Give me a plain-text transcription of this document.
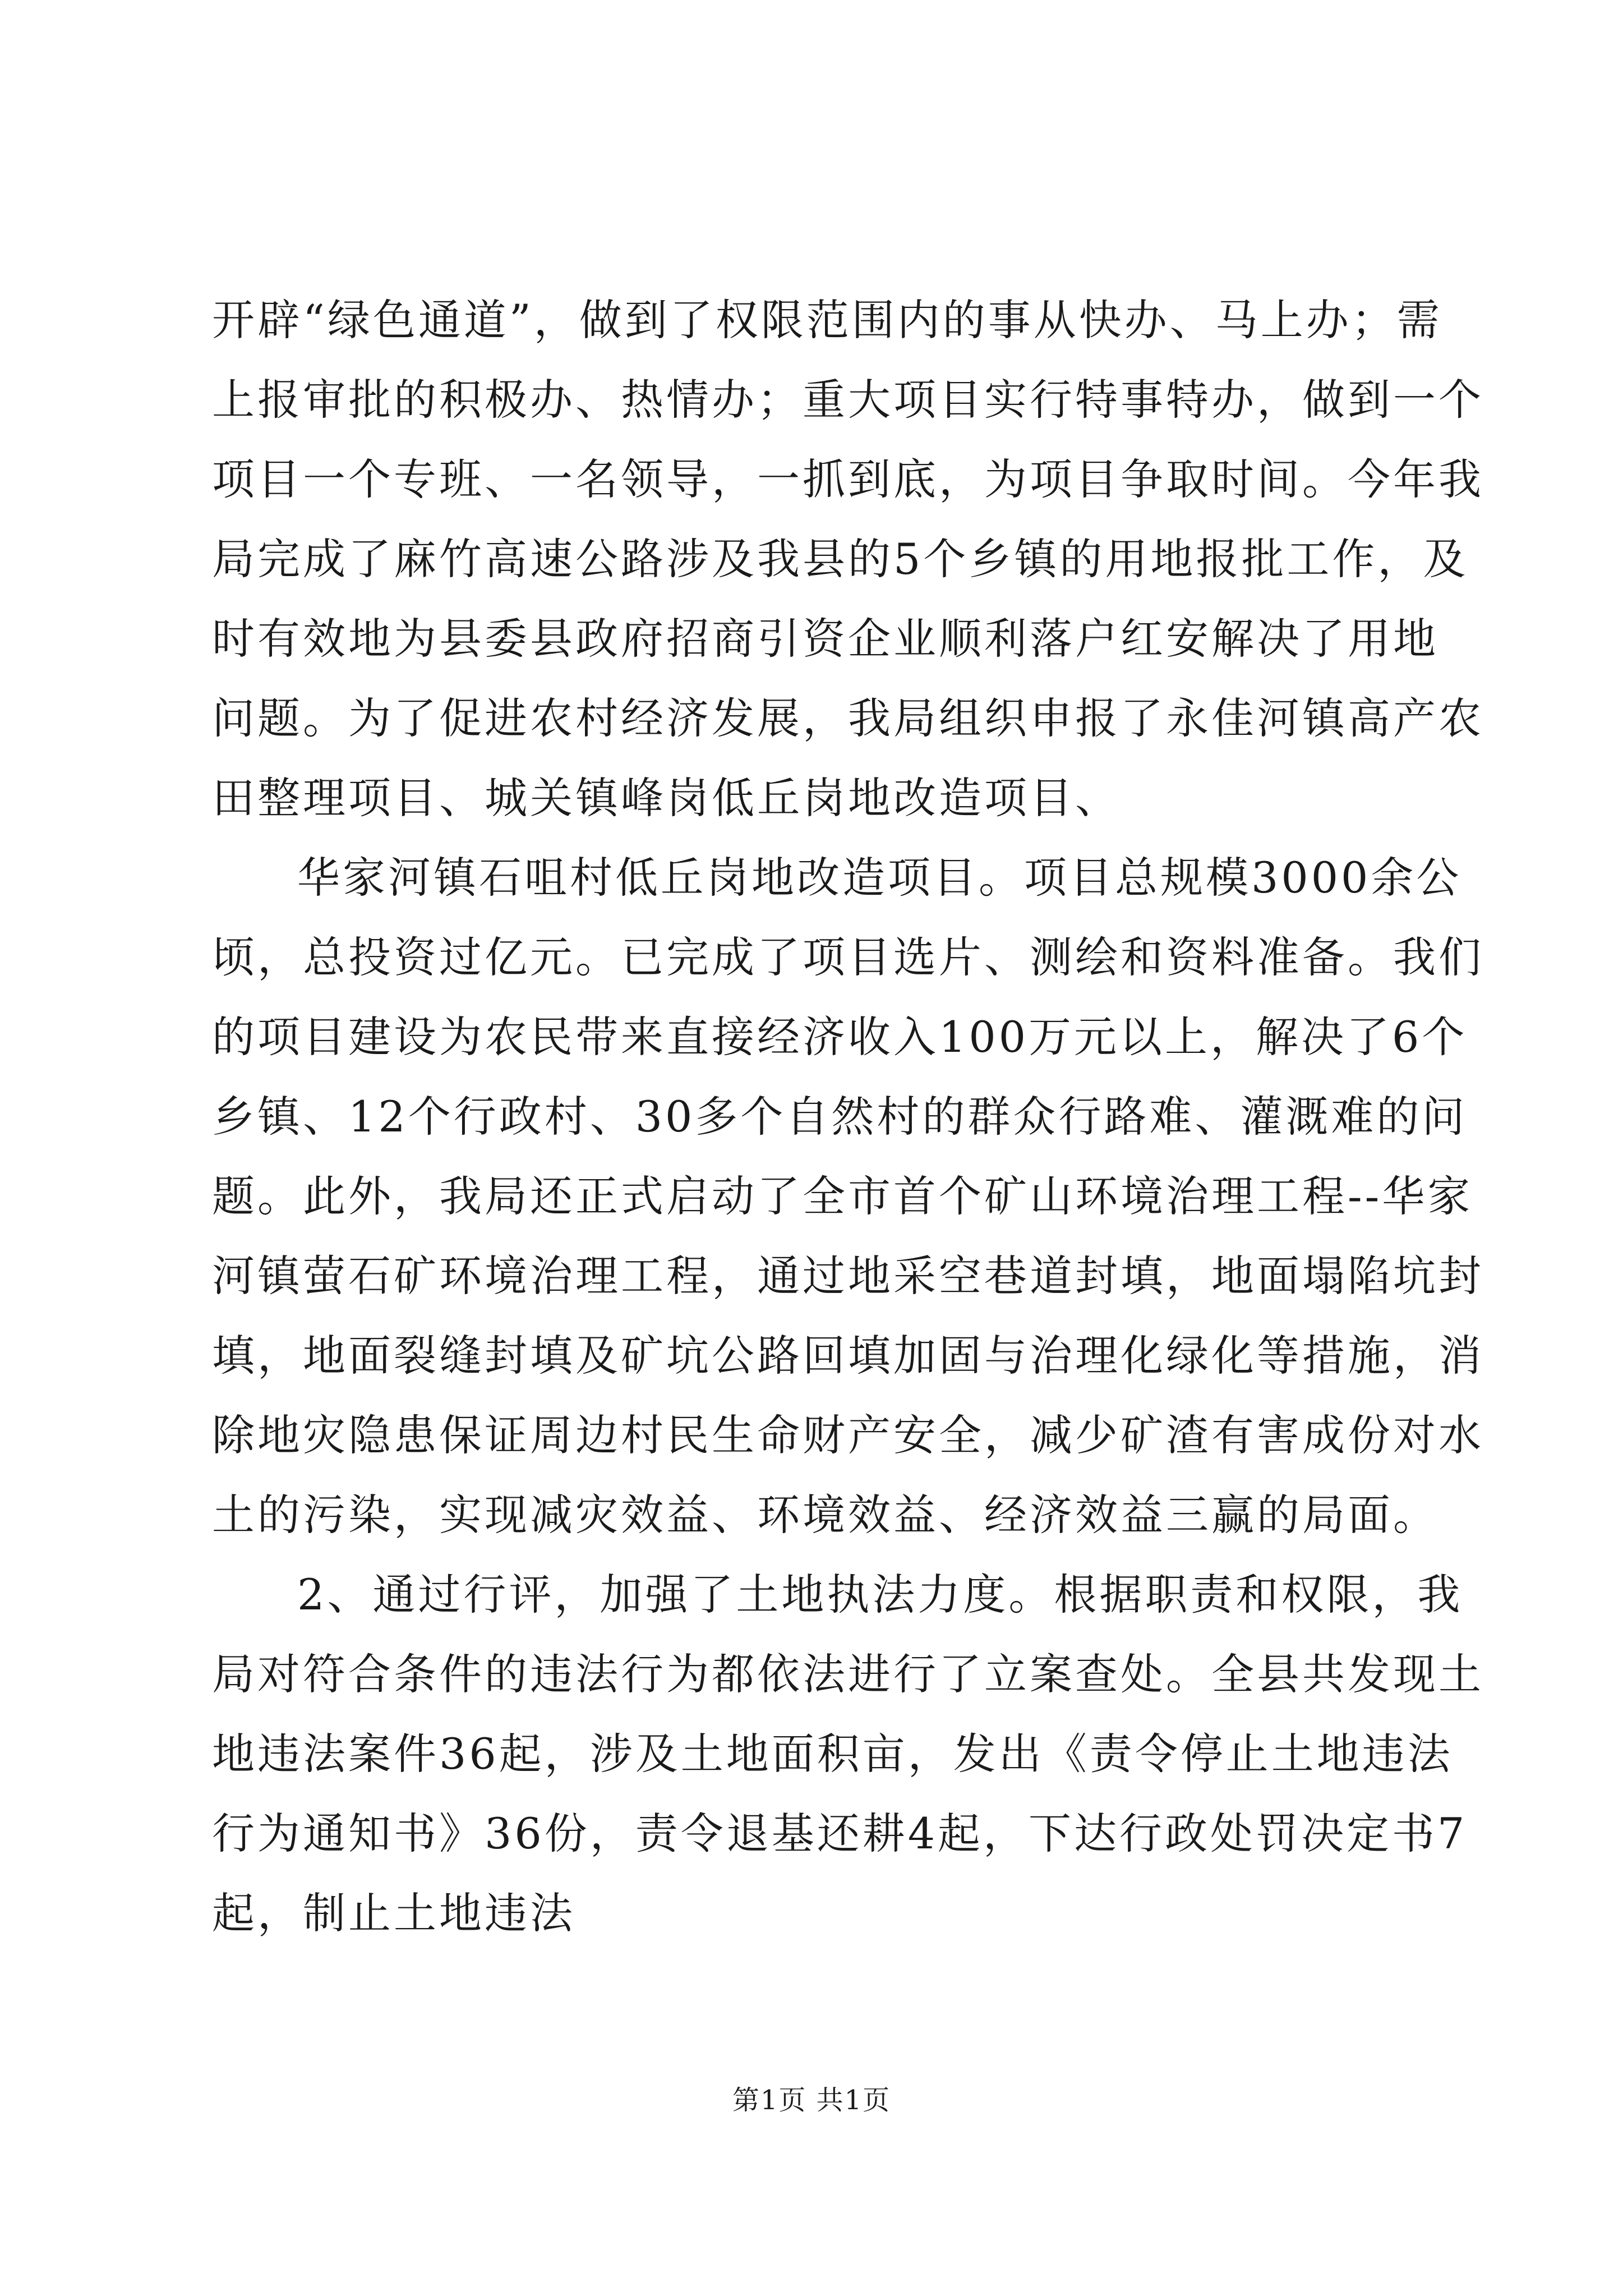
开辟“绿色通道”，做到了权限范围内的事从快办、马上办；需

上报审批的积极办、热情办；重大项目实行特事特办，做到一个

项目一个专班、一名领导，一抓到底，为项目争取时间。今年我

局完成了麻竹高速公路涉及我县的5个乡镇的用地报批工作，及

时有效地为县委县政府招商引资企业顺利落户红安解决了用地

问题。为了促进农村经济发展，我局组织申报了永佳河镇高产农

田整理项目、城关镇峰岗低丘岗地改造项目、

华家河镇石咀村低丘岗地改造项目。项目总规模3000余公

顷，总投资过亿元。已完成了项目选片、测绘和资料准备。我们

的项目建设为农民带来直接经济收入100万元以上，解决了6个

乡镇、12个行政村、30多个自然村的群众行路难、灌溉难的问

题。此外，我局还正式启动了全市首个矿山环境治理工程--华家

河镇萤石矿环境治理工程，通过地采空巷道封填，地面塌陷坑封

填，地面裂缝封填及矿坑公路回填加固与治理化绿化等措施，消

除地灾隐患保证周边村民生命财产安全，减少矿渣有害成份对水

土的污染，实现减灾效益、环境效益、经济效益三赢的局面。

2、通过行评，加强了土地执法力度。根据职责和权限，我

局对符合条件的违法行为都依法进行了立案查处。全县共发现土

地违法案件36起，涉及土地面积亩，发出《责令停止土地违法

行为通知书》36份，责令退基还耕4起，下达行政处罚决定书7

起，制止土地违法

第1页 共1页
